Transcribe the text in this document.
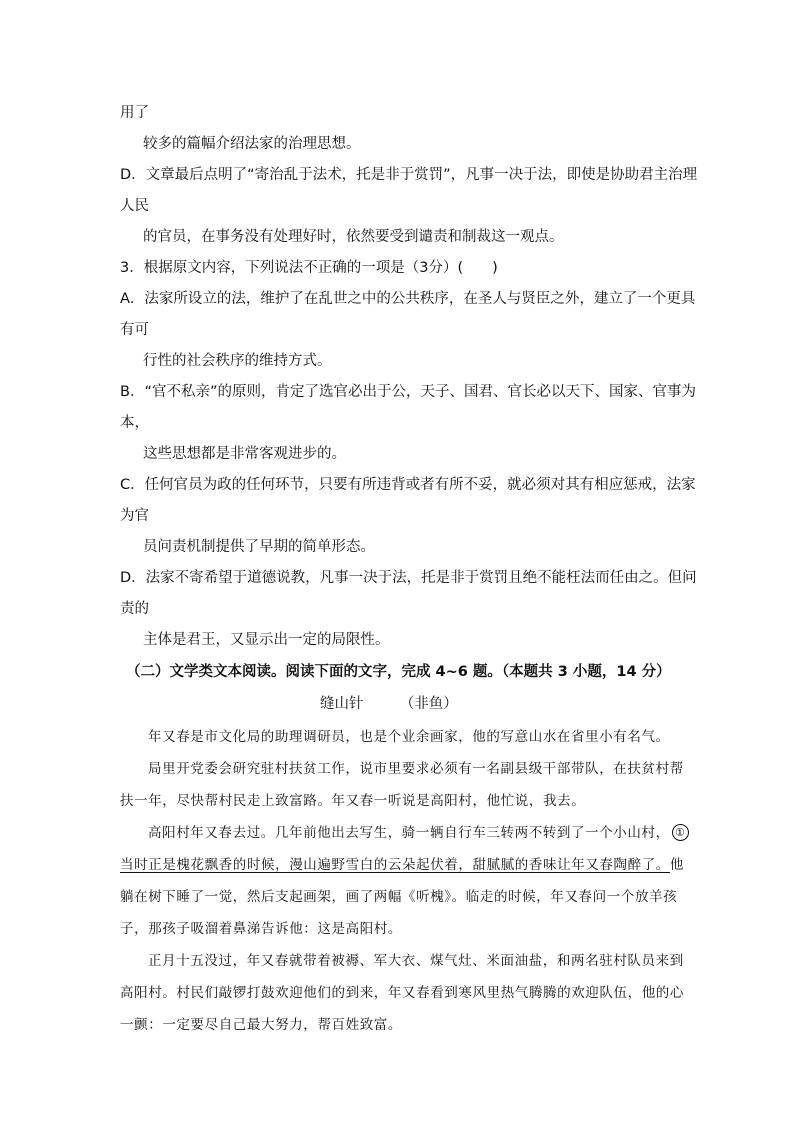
用了
较多的篇幅介绍法家的治理思想。
D．文章最后点明了“寄治乱于法术，托是非于赏罚”，凡事一决于法，即使是协助君主治理
人民
的官员，在事务没有处理好时，依然要受到谴责和制裁这一观点。
3．根据原文内容，下列说法不正确的一项是（3分）(　　)
A．法家所设立的法，维护了在乱世之中的公共秩序，在圣人与贤臣之外，建立了一个更具
有可
行性的社会秩序的维持方式。
B．“官不私亲”的原则，肯定了选官必出于公，天子、国君、官长必以天下、国家、官事为
本，
这些思想都是非常客观进步的。
C．任何官员为政的任何环节，只要有所违背或者有所不妥，就必须对其有相应惩戒，法家
为官
员问责机制提供了早期的简单形态。
D．法家不寄希望于道德说教，凡事一决于法，托是非于赏罚且绝不能枉法而任由之。但问
责的
主体是君王，又显示出一定的局限性。
（二）文学类文本阅读。阅读下面的文字，完成 4~6 题。（本题共 3 小题，14 分）
缝山针　　　（非鱼）
年又春是市文化局的助理调研员，也是个业余画家，他的写意山水在省里小有名气。
局里开党委会研究驻村扶贫工作，说市里要求必须有一名副县级干部带队，在扶贫村帮
扶一年，尽快帮村民走上致富路。年又春一听说是高阳村，他忙说，我去。
高阳村年又春去过。几年前他出去写生，骑一辆自行车三转两不转到了一个小山村， ①
当时正是槐花飘香的时候，漫山遍野雪白的云朵起伏着，甜腻腻的香味让年又春陶醉了。他
躺在树下睡了一觉，然后支起画架，画了两幅《听槐》。临走的时候，年又春问一个放羊孩
子，那孩子吸溜着鼻涕告诉他：这是高阳村。
正月十五没过，年又春就带着被褥、军大衣、煤气灶、米面油盐，和两名驻村队员来到
高阳村。村民们敲锣打鼓欢迎他们的到来，年又春看到寒风里热气腾腾的欢迎队伍，他的心
一颤：一定要尽自己最大努力，帮百姓致富。
